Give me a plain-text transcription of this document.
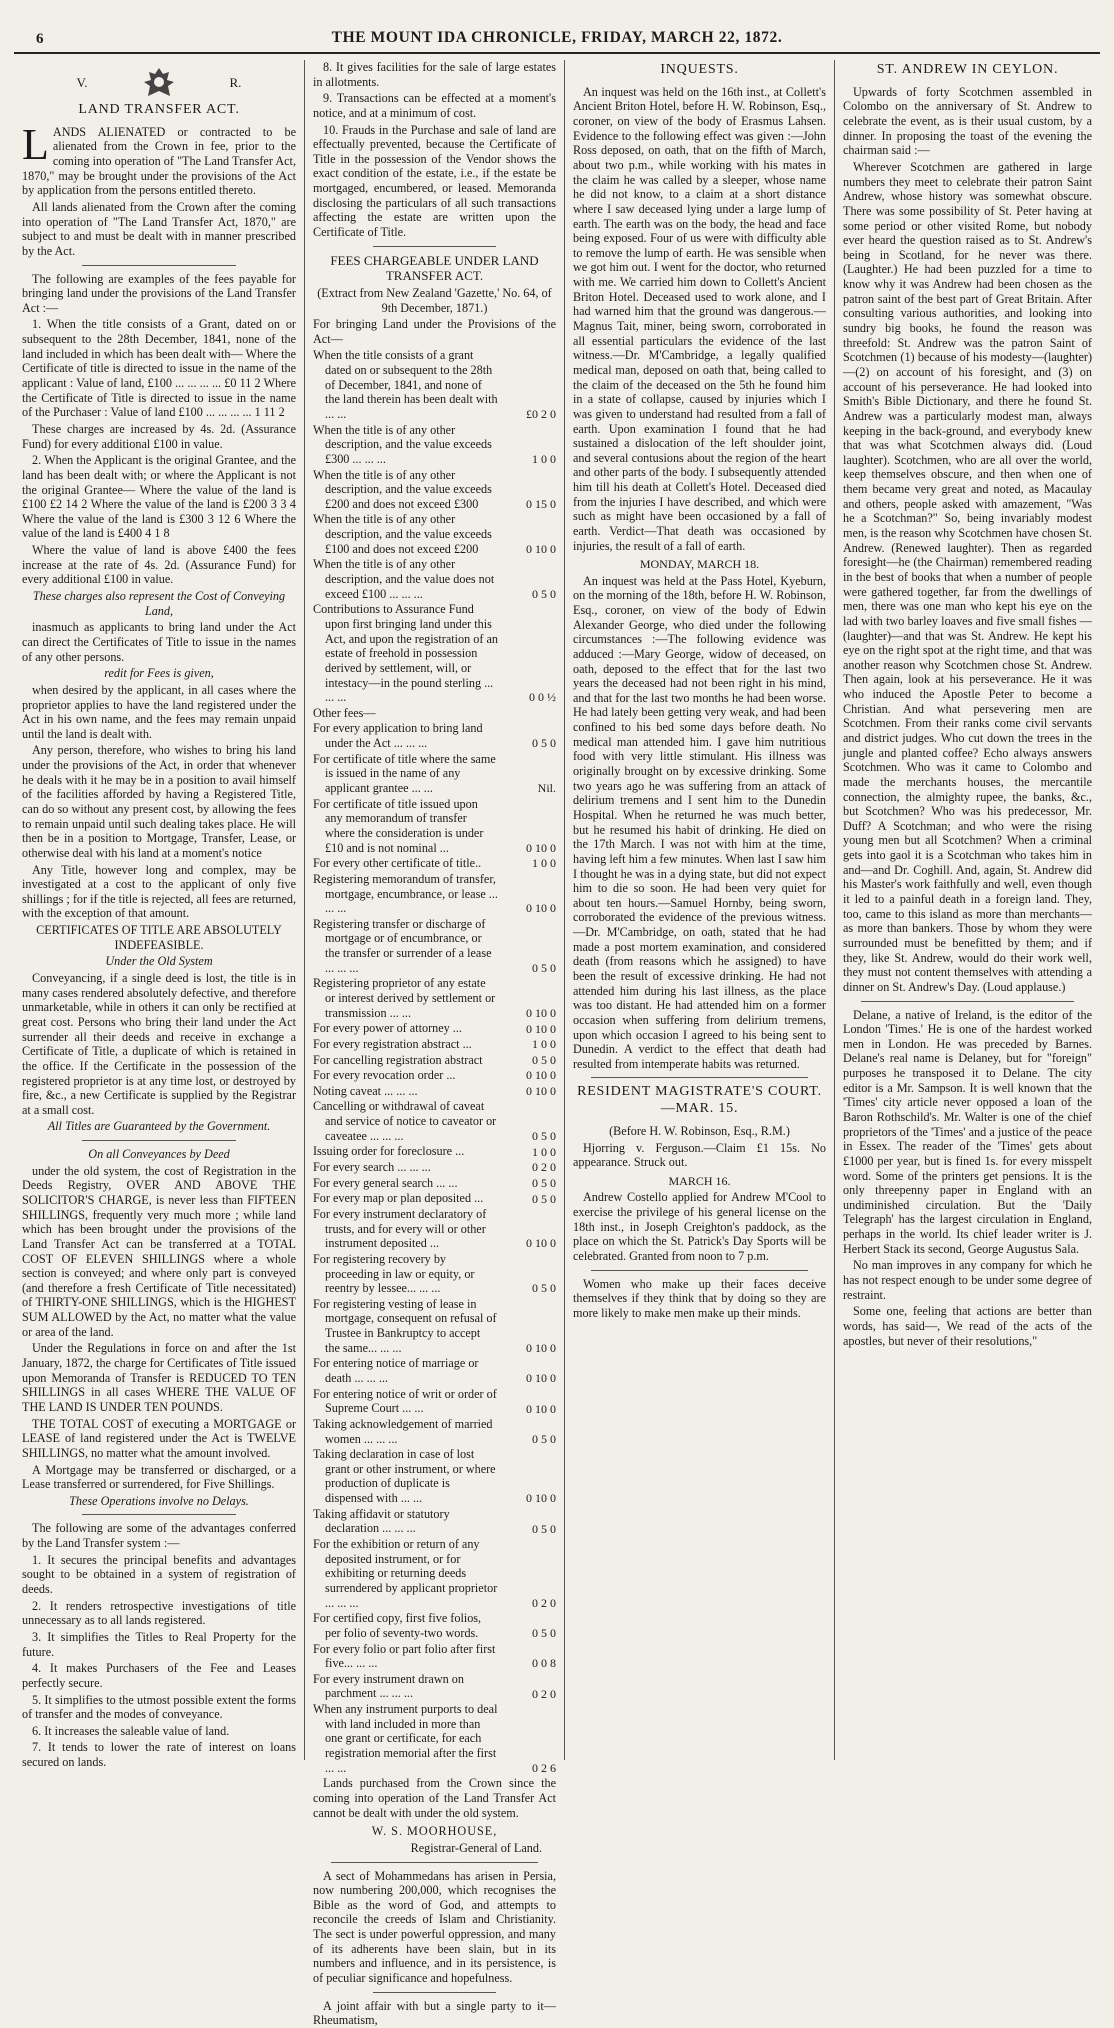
6	THE MOUNT IDA CHRONICLE, FRIDAY, MARCH 22, 1872.
V.	R.

LAND TRANSFER ACT.

LANDS ALIENATED or contracted to be alienated from the Crown in fee, prior to the coming into operation of "The Land Transfer Act, 1870," may be brought under the provisions of the Act by application from the persons entitled thereto.

All lands alienated from the Crown after the coming into operation of "The Land Transfer Act, 1870," are subject to and must be dealt with in manner prescribed by the Act.

The following are examples of the fees payable for bringing land under the provisions of the Land Transfer Act :—

1. When the title consists of a Grant, dated on or subsequent to the 28th December, 1841, none of the land included in which has been dealt with— Where the Certificate of title is directed to issue in the name of the applicant : Value of land, £100 ... ... ... ... £0 11 2 Where the Certificate of Title is directed to issue in the name of the Purchaser : Value of land £100 ... ... ... ... 1 11 2

These charges are increased by 4s. 2d. (Assurance Fund) for every additional £100 in value.

2. When the Applicant is the original Grantee, and the land has been dealt with; or where the Applicant is not the original Grantee— Where the value of the land is £100 £2 14 2 Where the value of the land is £200 3 3 4 Where the value of the land is £300 3 12 6 Where the value of the land is £400 4 1 8

Where the value of land is above £400 the fees increase at the rate of 4s. 2d. (Assurance Fund) for every additional £100 in value.

These charges also represent the Cost of Conveying Land,

inasmuch as applicants to bring land under the Act can direct the Certificates of Title to issue in the names of any other persons.

redit for Fees is given,

when desired by the applicant, in all cases where the proprietor applies to have the land registered under the Act in his own name, and the fees may remain unpaid until the land is dealt with.

Any person, therefore, who wishes to bring his land under the provisions of the Act, in order that whenever he deals with it he may be in a position to avail himself of the facilities afforded by having a Registered Title, can do so without any present cost, by allowing the fees to remain unpaid until such dealing takes place. He will then be in a position to Mortgage, Transfer, Lease, or otherwise deal with his land at a moment's notice

Any Title, however long and complex, may be investigated at a cost to the applicant of only five shillings ; for if the title is rejected, all fees are returned, with the exception of that amount.

CERTIFICATES OF TITLE ARE ABSOLUTELY INDEFEASIBLE.

Under the Old System

Conveyancing, if a single deed is lost, the title is in many cases rendered absolutely defective, and therefore unmarketable, while in others it can only be rectified at great cost. Persons who bring their land under the Act surrender all their deeds and receive in exchange a Certificate of Title, a duplicate of which is retained in the office. If the Certificate in the possession of the registered proprietor is at any time lost, or destroyed by fire, &c., a new Certificate is supplied by the Registrar at a small cost.

All Titles are Guaranteed by the Government.

On all Conveyances by Deed

under the old system, the cost of Registration in the Deeds Registry, OVER AND ABOVE THE SOLICITOR'S CHARGE, is never less than FIFTEEN SHILLINGS, frequently very much more ; while land which has been brought under the provisions of the Land Transfer Act can be transferred at a TOTAL COST OF ELEVEN SHILLINGS where a whole section is conveyed; and where only part is conveyed (and therefore a fresh Certificate of Title necessitated) of THIRTY-ONE SHILLINGS, which is the HIGHEST SUM ALLOWED by the Act, no matter what the value or area of the land.

Under the Regulations in force on and after the 1st January, 1872, the charge for Certificates of Title issued upon Memoranda of Transfer is REDUCED TO TEN SHILLINGS in all cases WHERE THE VALUE OF THE LAND IS UNDER TEN POUNDS.

THE TOTAL COST of executing a MORTGAGE or LEASE of land registered under the Act is TWELVE SHILLINGS, no matter what the amount involved.

A Mortgage may be transferred or discharged, or a Lease transferred or surrendered, for Five Shillings.

These Operations involve no Delays.

The following are some of the advantages conferred by the Land Transfer system :—

1. It secures the principal benefits and advantages sought to be obtained in a system of registration of deeds.

2. It renders retrospective investigations of title unnecessary as to all lands registered.

3. It simplifies the Titles to Real Property for the future.

4. It makes Purchasers of the Fee and Leases perfectly secure.

5. It simplifies to the utmost possible extent the forms of transfer and the modes of conveyance.

6. It increases the saleable value of land.

7. It tends to lower the rate of interest on loans secured on lands.

8. It gives facilities for the sale of large estates in allotments.

9. Transactions can be effected at a moment's notice, and at a minimum of cost.

10. Frauds in the Purchase and sale of land are effectually prevented, because the Certificate of Title in the possession of the Vendor shows the exact condition of the estate, i.e., if the estate be mortgaged, encumbered, or leased. Memoranda disclosing the particulars of all such transactions affecting the estate are written upon the Certificate of Title.

FEES CHARGEABLE UNDER LAND TRANSFER ACT.

(Extract from New Zealand 'Gazette,' No. 64, of 9th December, 1871.)

For bringing Land under the Provisions of the Act—

When the title consists of a grant dated on or subsequent to the 28th of December, 1841, and none of the land therein has been dealt with ... ...	£0 2 0
When the title is of any other description, and the value exceeds £300 ... ... ...	1 0 0
When the title is of any other description, and the value exceeds £200 and does not exceed £300	0 15 0
When the title is of any other description, and the value exceeds £100 and does not exceed £200	0 10 0
When the title is of any other description, and the value does not exceed £100 ... ... ...	0 5 0
Contributions to Assurance Fund upon first bringing land under this Act, and upon the registration of an estate of freehold in possession derived by settlement, will, or intestacy—in the pound sterling ... ... ...	0 0 ½
Other fees—
For every application to bring land under the Act ... ... ...	0 5 0
For certificate of title where the same is issued in the name of any applicant grantee ... ...	Nil.
For certificate of title issued upon any memorandum of transfer where the consideration is under £10 and is not nominal ...	0 10 0
For every other certificate of title..	1 0 0
Registering memorandum of transfer, mortgage, encumbrance, or lease ... ... ...	0 10 0
Registering transfer or discharge of mortgage or of encumbrance, or the transfer or surrender of a lease ... ... ...	0 5 0
Registering proprietor of any estate or interest derived by settlement or transmission ... ...	0 10 0
For every power of attorney ...	0 10 0
For every registration abstract ...	1 0 0
For cancelling registration abstract	0 5 0
For every revocation order ...	0 10 0
Noting caveat ... ... ...	0 10 0
Cancelling or withdrawal of caveat and service of notice to caveator or caveatee ... ... ...	0 5 0
Issuing order for foreclosure ...	1 0 0
For every search ... ... ...	0 2 0
For every general search ... ...	0 5 0
For every map or plan deposited ...	0 5 0
For every instrument declaratory of trusts, and for every will or other instrument deposited ...	0 10 0
For registering recovery by proceeding in law or equity, or reentry by lessee... ... ...	0 5 0
For registering vesting of lease in mortgage, consequent on refusal of Trustee in Bankruptcy to accept the same... ... ...	0 10 0
For entering notice of marriage or death ... ... ...	0 10 0
For entering notice of writ or order of Supreme Court ... ...	0 10 0
Taking acknowledgement of married women ... ... ...	0 5 0
Taking declaration in case of lost grant or other instrument, or where production of duplicate is dispensed with ... ...	0 10 0
Taking affidavit or statutory declaration ... ... ...	0 5 0
For the exhibition or return of any deposited instrument, or for exhibiting or returning deeds surrendered by applicant proprietor ... ... ...	0 2 0
For certified copy, first five folios, per folio of seventy-two words.	0 5 0
For every folio or part folio after first five... ... ...	0 0 8
For every instrument drawn on parchment ... ... ...	0 2 0
When any instrument purports to deal with land included in more than one grant or certificate, for each registration memorial after the first ... ...	0 2 6

Lands purchased from the Crown since the coming into operation of the Land Transfer Act cannot be dealt with under the old system.

W. S. MOORHOUSE,

Registrar-General of Land.

A sect of Mohammedans has arisen in Persia, now numbering 200,000, which recognises the Bible as the word of God, and attempts to reconcile the creeds of Islam and Christianity. The sect is under powerful oppression, and many of its adherents have been slain, but in its numbers and influence, and in its persistence, is of peculiar significance and hopefulness.

A joint affair with but a single party to it—Rheumatism,

INQUESTS.

An inquest was held on the 16th inst., at Collett's Ancient Briton Hotel, before H. W. Robinson, Esq., coroner, on view of the body of Erasmus Lahsen. Evidence to the following effect was given :—John Ross deposed, on oath, that on the fifth of March, about two p.m., while working with his mates in the claim he was called by a sleeper, whose name he did not know, to a claim at a short distance where I saw deceased lying under a large lump of earth. The earth was on the body, the head and face being exposed. Four of us were with difficulty able to remove the lump of earth. He was sensible when we got him out. I went for the doctor, who returned with me. We carried him down to Collett's Ancient Briton Hotel. Deceased used to work alone, and I had warned him that the ground was dangerous.—Magnus Tait, miner, being sworn, corroborated in all essential particulars the evidence of the last witness.—Dr. M'Cambridge, a legally qualified medical man, deposed on oath that, being called to the claim of the deceased on the 5th he found him in a state of collapse, caused by injuries which I was given to understand had resulted from a fall of earth. Upon examination I found that he had sustained a dislocation of the left shoulder joint, and several contusions about the region of the heart and other parts of the body. I subsequently attended him till his death at Collett's Hotel. Deceased died from the injuries I have described, and which were such as might have been occasioned by a fall of earth. Verdict—That death was occasioned by injuries, the result of a fall of earth.

MONDAY, MARCH 18.

An inquest was held at the Pass Hotel, Kyeburn, on the morning of the 18th, before H. W. Robinson, Esq., coroner, on view of the body of Edwin Alexander George, who died under the following circumstances :—The following evidence was adduced :—Mary George, widow of deceased, on oath, deposed to the effect that for the last two years the deceased had not been right in his mind, and that for the last two months he had been worse. He had lately been getting very weak, and had been confined to his bed some days before death. No medical man attended him. I gave him nutritious food with very little stimulant. His illness was originally brought on by excessive drinking. Some two years ago he was suffering from an attack of delirium tremens and I sent him to the Dunedin Hospital. When he returned he was much better, but he resumed his habit of drinking. He died on the 17th March. I was not with him at the time, having left him a few minutes. When last I saw him I thought he was in a dying state, but did not expect him to die so soon. He had been very quiet for about ten hours.—Samuel Hornby, being sworn, corroborated the evidence of the previous witness.—Dr. M'Cambridge, on oath, stated that he had made a post mortem examination, and considered death (from reasons which he assigned) to have been the result of excessive drinking. He had not attended him during his last illness, as the place was too distant. He had attended him on a former occasion when suffering from delirium tremens, upon which occasion I agreed to his being sent to Dunedin. A verdict to the effect that death had resulted from intemperate habits was returned.

RESIDENT MAGISTRATE'S COURT.—MAR. 15.

(Before H. W. Robinson, Esq., R.M.)

Hjorring v. Ferguson.—Claim £1 15s. No appearance. Struck out.

MARCH 16.

Andrew Costello applied for Andrew M'Cool to exercise the privilege of his general license on the 18th inst., in Joseph Creighton's paddock, as the place on which the St. Patrick's Day Sports will be celebrated. Granted from noon to 7 p.m.

Women who make up their faces deceive themselves if they think that by doing so they are more likely to make men make up their minds.

ST. ANDREW IN CEYLON.

Upwards of forty Scotchmen assembled in Colombo on the anniversary of St. Andrew to celebrate the event, as is their usual custom, by a dinner. In proposing the toast of the evening the chairman said :—

Wherever Scotchmen are gathered in large numbers they meet to celebrate their patron Saint Andrew, whose history was somewhat obscure. There was some possibility of St. Peter having at some period or other visited Rome, but nobody ever heard the question raised as to St. Andrew's being in Scotland, for he never was there. (Laughter.) He had been puzzled for a time to know why it was Andrew had been chosen as the patron saint of the best part of Great Britain. After consulting various authorities, and looking into sundry big books, he found the reason was threefold: St. Andrew was the patron Saint of Scotchmen (1) because of his modesty—(laughter)—(2) on account of his foresight, and (3) on account of his perseverance. He had looked into Smith's Bible Dictionary, and there he found St. Andrew was a particularly modest man, always keeping in the back-ground, and everybody knew that was what Scotchmen always did. (Loud laughter). Scotchmen, who are all over the world, keep themselves obscure, and then when one of them became very great and noted, as Macaulay and others, people asked with amazement, "Was he a Scotchman?" So, being invariably modest men, is the reason why Scotchmen have chosen St. Andrew. (Renewed laughter). Then as regarded foresight—he (the Chairman) remembered reading in the best of books that when a number of people were gathered together, far from the dwellings of men, there was one man who kept his eye on the lad with two barley loaves and five small fishes —(laughter)—and that was St. Andrew. He kept his eye on the right spot at the right time, and that was another reason why Scotchmen chose St. Andrew. Then again, look at his perseverance. He it was who induced the Apostle Peter to become a Christian. And what persevering men are Scotchmen. From their ranks come civil servants and district judges. Who cut down the trees in the jungle and planted coffee? Echo always answers Scotchmen. Who was it came to Colombo and made the merchants houses, the mercantile connection, the almighty rupee, the banks, &c., but Scotchmen? Who was his predecessor, Mr. Duff? A Scotchman; and who were the rising young men but all Scotchmen? When a criminal gets into gaol it is a Scotchman who takes him in and—and Dr. Coghill. And, again, St. Andrew did his Master's work faithfully and well, even though it led to a painful death in a foreign land. They, too, came to this island as more than merchants—as more than bankers. Those by whom they were surrounded must be benefitted by them; and if they, like St. Andrew, would do their work well, they must not content themselves with attending a dinner on St. Andrew's Day. (Loud applause.)

Delane, a native of Ireland, is the editor of the London 'Times.' He is one of the hardest worked men in London. He was preceded by Barnes. Delane's real name is Delaney, but for "foreign" purposes he transposed it to Delane. The city editor is a Mr. Sampson. It is well known that the 'Times' city article never opposed a loan of the Baron Rothschild's. Mr. Walter is one of the chief proprietors of the 'Times' and a justice of the peace in Essex. The reader of the 'Times' gets about £1000 per year, but is fined 1s. for every misspelt word. Some of the printers get pensions. It is the only threepenny paper in England with an undiminished circulation. But the 'Daily Telegraph' has the largest circulation in England, perhaps in the world. Its chief leader writer is J. Herbert Stack its second, George Augustus Sala.

No man improves in any company for which he has not respect enough to be under some degree of restraint.

Some one, feeling that actions are better than words, has said—, We read of the acts of the apostles, but never of their resolutions,"
